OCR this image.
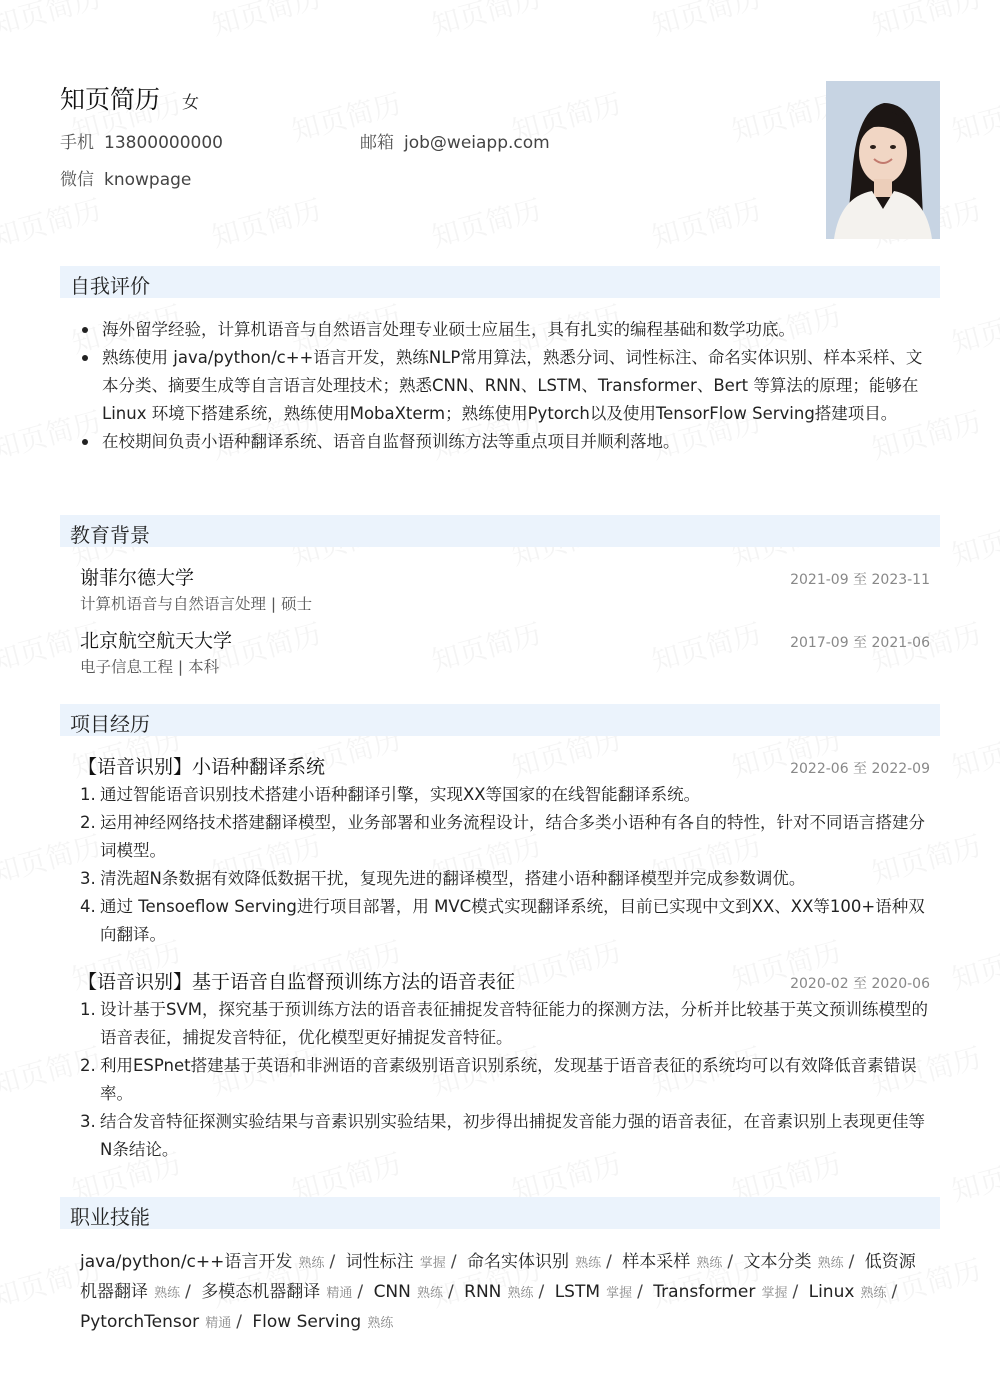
知页简历 女
手机 13800000000	邮箱 job@weiapp.com
微信 knowpage
自我评价
海外留学经验，计算机语音与自然语言处理专业硕士应届生，具有扎实的编程基础和数学功底。
熟练使用 java/python/c++语言开发，熟练NLP常用算法，熟悉分词、词性标注、命名实体识别、样本采样、文本分类、摘要生成等自言语言处理技术；熟悉CNN、RNN、LSTM、Transformer、Bert 等算法的原理；能够在 Linux 环境下搭建系统，熟练使用MobaXterm；熟练使用Pytorch以及使用TensorFlow Serving搭建项目。
在校期间负责小语种翻译系统、语音自监督预训练方法等重点项目并顺利落地。
教育背景
谢菲尔德大学
计算机语音与自然语言处理 | 硕士
2021-09 至 2023-11
北京航空航天大学
电子信息工程 | 本科
2017-09 至 2021-06
项目经历
【语音识别】小语种翻译系统	2022-06 至 2022-09
1. 通过智能语音识别技术搭建小语种翻译引擎，实现XX等国家的在线智能翻译系统。
2. 运用神经网络技术搭建翻译模型，业务部署和业务流程设计，结合多类小语种有各自的特性，针对不同语言搭建分词模型。
3. 清洗超N条数据有效降低数据干扰，复现先进的翻译模型，搭建小语种翻译模型并完成参数调优。
4. 通过 Tensoeflow Serving进行项目部署，用 MVC模式实现翻译系统，目前已实现中文到XX、XX等100+语种双向翻译。
【语音识别】基于语音自监督预训练方法的语音表征	2020-02 至 2020-06
1. 设计基于SVM，探究基于预训练方法的语音表征捕捉发音特征能力的探测方法，分析并比较基于英文预训练模型的语音表征，捕捉发音特征，优化模型更好捕捉发音特征。
2. 利用ESPnet搭建基于英语和非洲语的音素级别语音识别系统，发现基于语音表征的系统均可以有效降低音素错误率。
3. 结合发音特征探测实验结果与音素识别实验结果，初步得出捕捉发音能力强的语音表征，在音素识别上表现更佳等N条结论。
职业技能
java/python/c++语言开发 熟练 / 词性标注 掌握 / 命名实体识别 熟练 / 样本采样 熟练 / 文本分类 熟练 / 低资源机器翻译 熟练 / 多模态机器翻译 精通 / CNN 熟练 / RNN 熟练 / LSTM 掌握 / Transformer 掌握 / Linux 熟练 / PytorchTensor 精通 / Flow Serving 熟练
